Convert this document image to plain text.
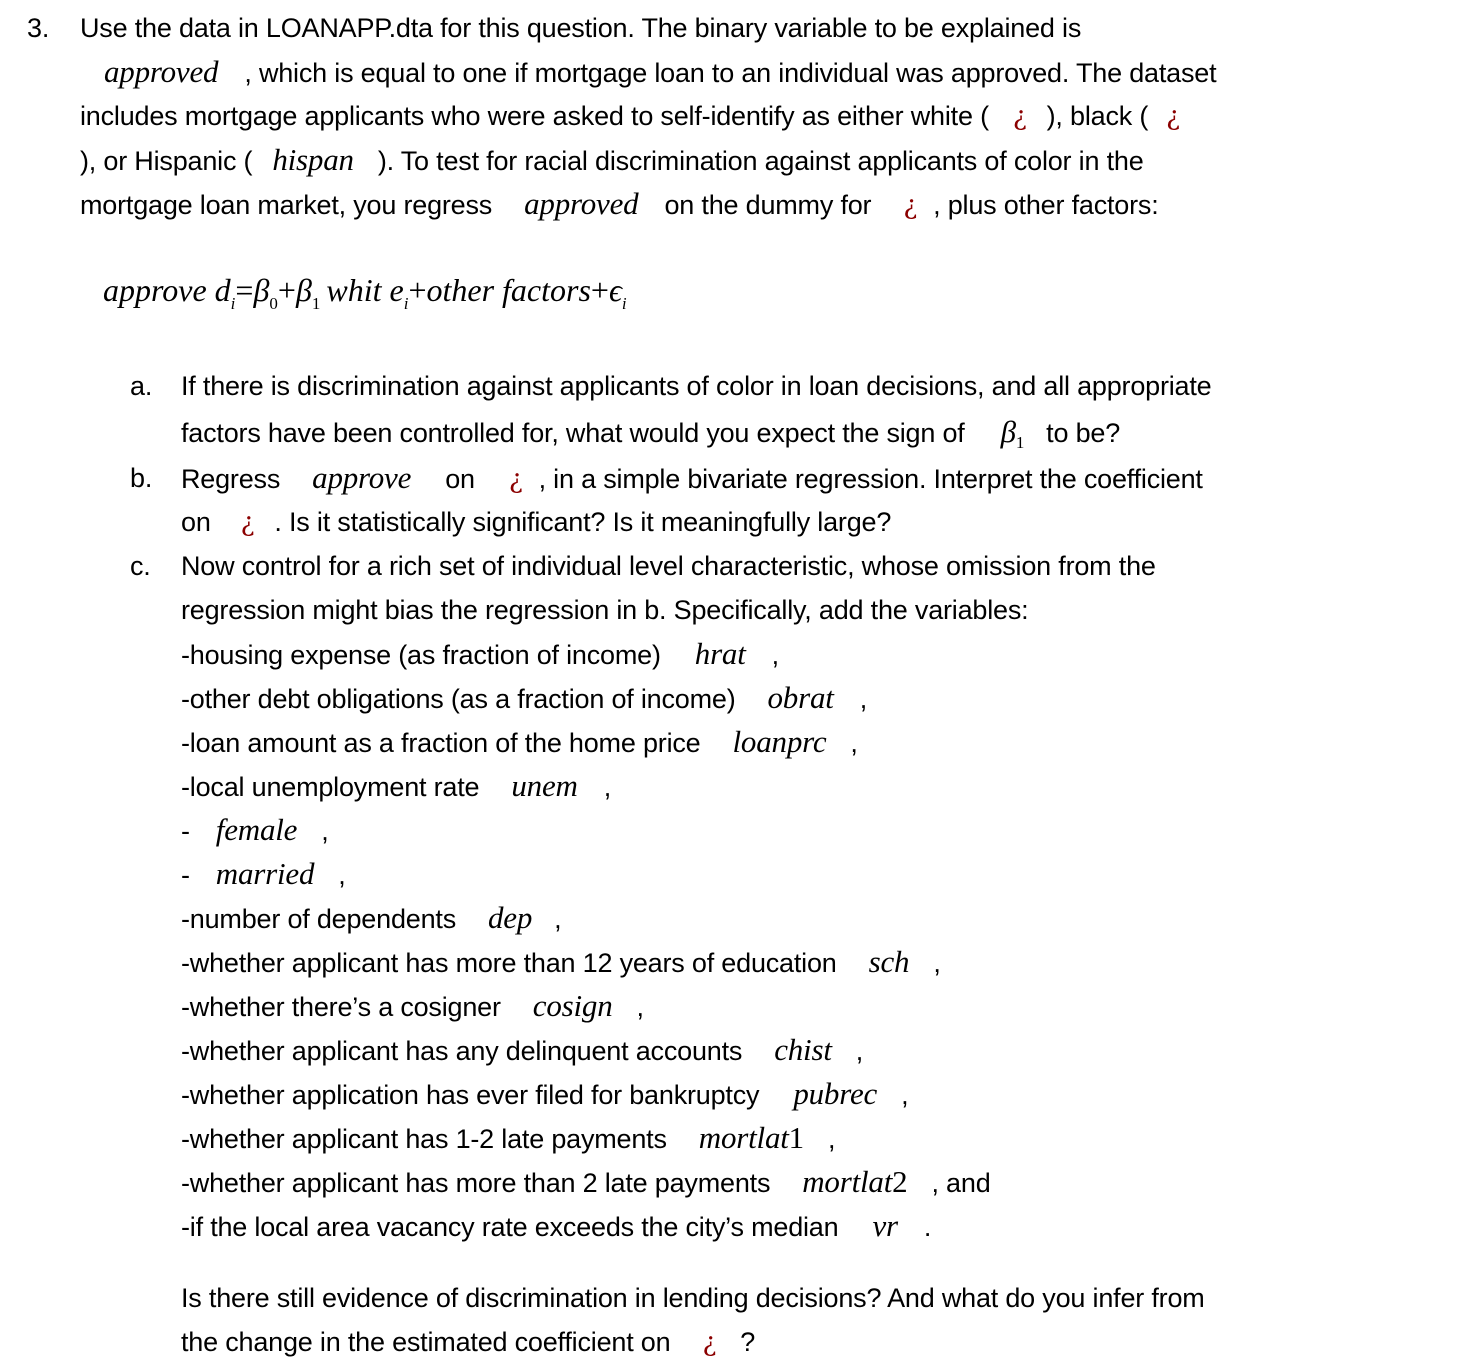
3. Use the data in LOANAPP.dta for this question. The binary variable to be explained is
approved , which is equal to one if mortgage loan to an individual was approved. The dataset
includes mortgage applicants who were asked to self-identify as either white ( ¿ ), black ( ¿
), or Hispanic ( hispan ). To test for racial discrimination against applicants of color in the
mortgage loan market, you regress approved on the dummy for ¿ , plus other factors:
approve $d_i=\beta_0+\beta_1$ whit $e_i+other$ $factors+\epsilon_i$
a. If there is discrimination against applicants of color in loan decisions, and all appropriate
factors have been controlled for, what would you expect the sign of β1 to be?
b. Regress approve on ¿ , in a simple bivariate regression. Interpret the coefficient
on ¿ . Is it statistically significant? Is it meaningfully large?
c. Now control for a rich set of individual level characteristic, whose omission from the
regression might bias the regression in b. Specifically, add the variables:
-housing expense (as fraction of income) hrat ,
-other debt obligations (as a fraction of income) obrat ,
-loan amount as a fraction of the home price loanprc ,
-local unemployment rate unem ,
- female ,
- married ,
-number of dependents dep ,
-whether applicant has more than 12 years of education sch ,
-whether there’s a cosigner cosign ,
-whether applicant has any delinquent accounts chist ,
-whether application has ever filed for bankruptcy pubrec ,
-whether applicant has 1-2 late payments mortlat1 ,
-whether applicant has more than 2 late payments mortlat2 , and
-if the local area vacancy rate exceeds the city’s median vr .
Is there still evidence of discrimination in lending decisions? And what do you infer from
the change in the estimated coefficient on ¿ ?
